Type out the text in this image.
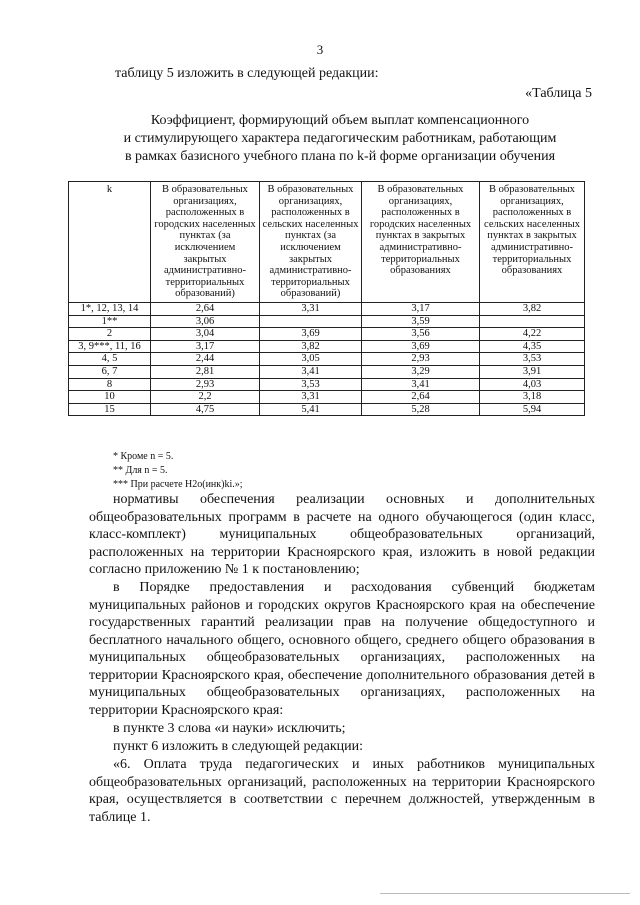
3
таблицу 5 изложить в следующей редакции:
«Таблица 5
Коэффициент, формирующий объем выплат компенсационного
и стимулирующего характера педагогическим работникам, работающим
в рамках базисного учебного плана по k-й форме организации обучения
k	В образовательных организациях, расположенных в городских населенных пунктах (за исключением закрытых административно-территориальных образований)	В образовательных организациях, расположенных в сельских населенных пунктах (за исключением закрытых административно-территориальных образований)	В образовательных организациях, расположенных в городских населенных пунктах в закрытых административно-территориальных образованиях	В образовательных организациях, расположенных в сельских населенных пунктах в закрытых административно-территориальных образованиях
1*, 12, 13, 14	2,64	3,31	3,17	3,82
1**	3,06		3,59	
2	3,04	3,69	3,56	4,22
3, 9***, 11, 16	3,17	3,82	3,69	4,35
4, 5	2,44	3,05	2,93	3,53
6, 7	2,81	3,41	3,29	3,91
8	2,93	3,53	3,41	4,03
10	2,2	3,31	2,64	3,18
15	4,75	5,41	5,28	5,94
* Кроме n = 5.
** Для n = 5.
*** При расчете H2о(инк)ki.»;
нормативы обеспечения реализации основных и дополнительных общеобразовательных программ в расчете на одного обучающегося (один класс, класс-комплект) муниципальных общеобразовательных организаций, расположенных на территории Красноярского края, изложить в новой редакции согласно приложению № 1 к постановлению;
в Порядке предоставления и расходования субвенций бюджетам муниципальных районов и городских округов Красноярского края на обеспечение государственных гарантий реализации прав на получение общедоступного и бесплатного начального общего, основного общего, среднего общего образования в муниципальных общеобразовательных организациях, расположенных на территории Красноярского края, обеспечение дополнительного образования детей в муниципальных общеобразовательных организациях, расположенных на территории Красноярского края:
в пункте 3 слова «и науки» исключить;
пункт 6 изложить в следующей редакции:
«6. Оплата труда педагогических и иных работников муниципальных общеобразовательных организаций, расположенных на территории Красноярского края, осуществляется в соответствии с перечнем должностей, утвержденным в таблице 1.
